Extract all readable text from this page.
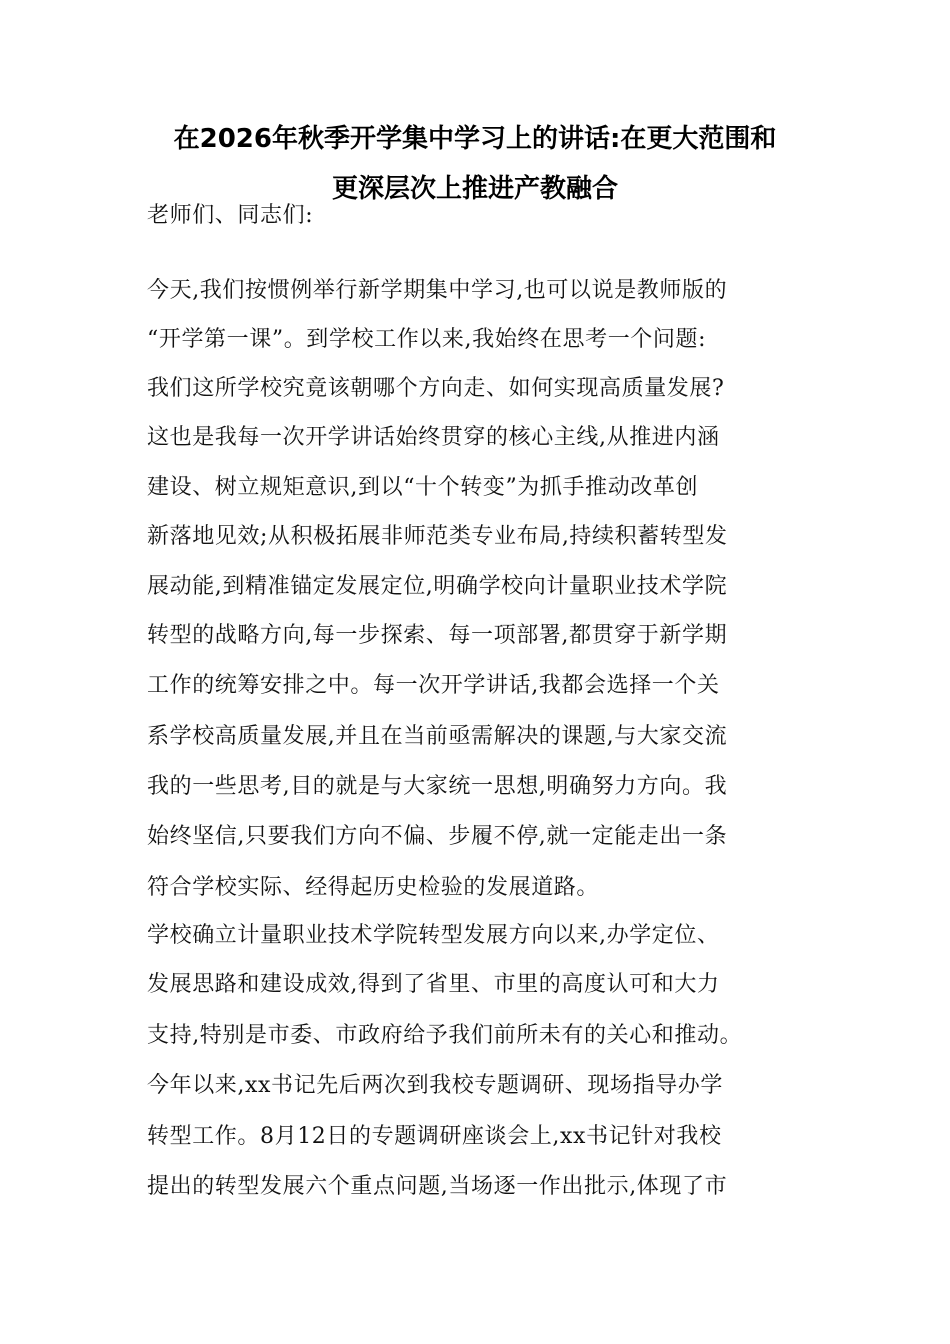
在2026年秋季开学集中学习上的讲话:在更大范围和
更深层次上推进产教融合
老师们、同志们:
今天,我们按惯例举行新学期集中学习,也可以说是教师版的
“开学第一课”。到学校工作以来,我始终在思考一个问题:
我们这所学校究竟该朝哪个方向走、如何实现高质量发展?
这也是我每一次开学讲话始终贯穿的核心主线,从推进内涵
建设、树立规矩意识,到以“十个转变”为抓手推动改革创
新落地见效;从积极拓展非师范类专业布局,持续积蓄转型发
展动能,到精准锚定发展定位,明确学校向计量职业技术学院
转型的战略方向,每一步探索、每一项部署,都贯穿于新学期
工作的统筹安排之中。每一次开学讲话,我都会选择一个关
系学校高质量发展,并且在当前亟需解决的课题,与大家交流
我的一些思考,目的就是与大家统一思想,明确努力方向。我
始终坚信,只要我们方向不偏、步履不停,就一定能走出一条
符合学校实际、经得起历史检验的发展道路。
学校确立计量职业技术学院转型发展方向以来,办学定位、
发展思路和建设成效,得到了省里、市里的高度认可和大力
支持,特别是市委、市政府给予我们前所未有的关心和推动。
今年以来,xx书记先后两次到我校专题调研、现场指导办学
转型工作。8月12日的专题调研座谈会上,xx书记针对我校
提出的转型发展六个重点问题,当场逐一作出批示,体现了市
